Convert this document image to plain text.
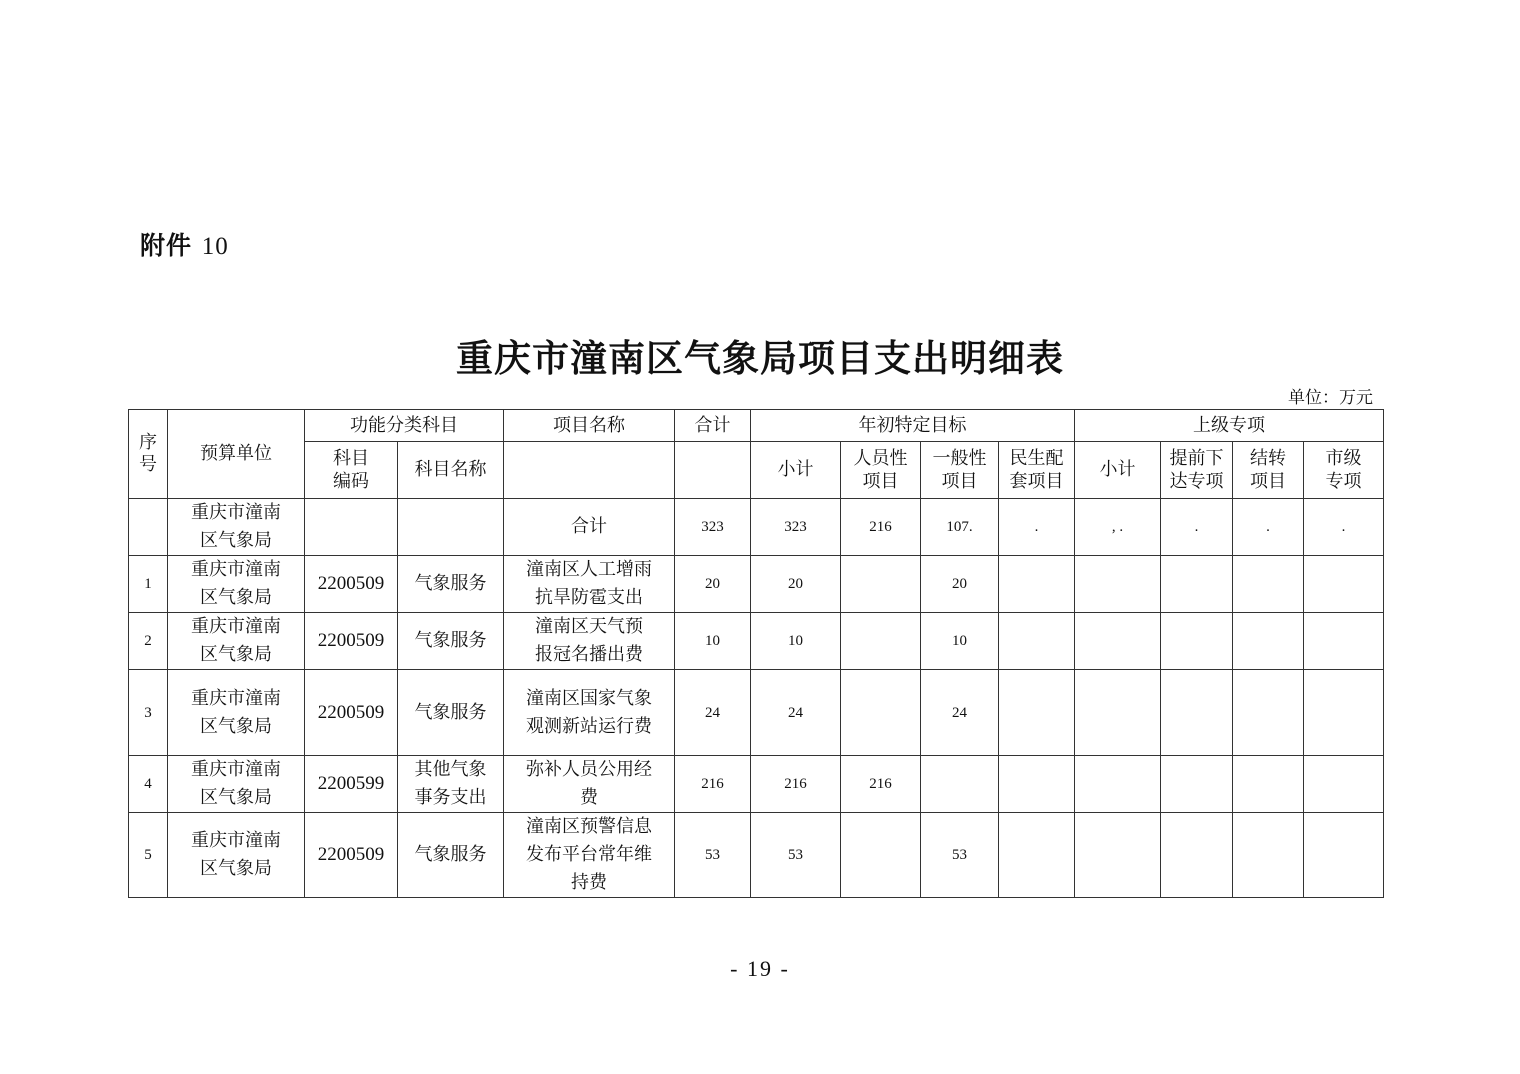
附件 10
重庆市潼南区气象局项目支出明细表
单位：万元
序号	预算单位	功能分类科目		项目名称	合计	年初特定目标				上级专项			

		科目编码	科目名称			小计	人员性项目	一般性项目	民生配套项目	小计	提前下达专项	结转项目	市级专项

	重庆市潼南区气象局			合计	323	323	216	107.	.	, .	.	.	.
1	重庆市潼南区气象局	2200509	气象服务	潼南区人工增雨抗旱防雹支出	20	20		20					
2	重庆市潼南区气象局	2200509	气象服务	潼南区天气预报冠名播出费	10	10		10					
3	重庆市潼南区气象局	2200509	气象服务	潼南区国家气象观测新站运行费	24	24		24					
4	重庆市潼南区气象局	2200599	其他气象事务支出	弥补人员公用经费	216	216	216						
5	重庆市潼南区气象局	2200509	气象服务	潼南区预警信息发布平台常年维持费	53	53		53					
- 19 -
